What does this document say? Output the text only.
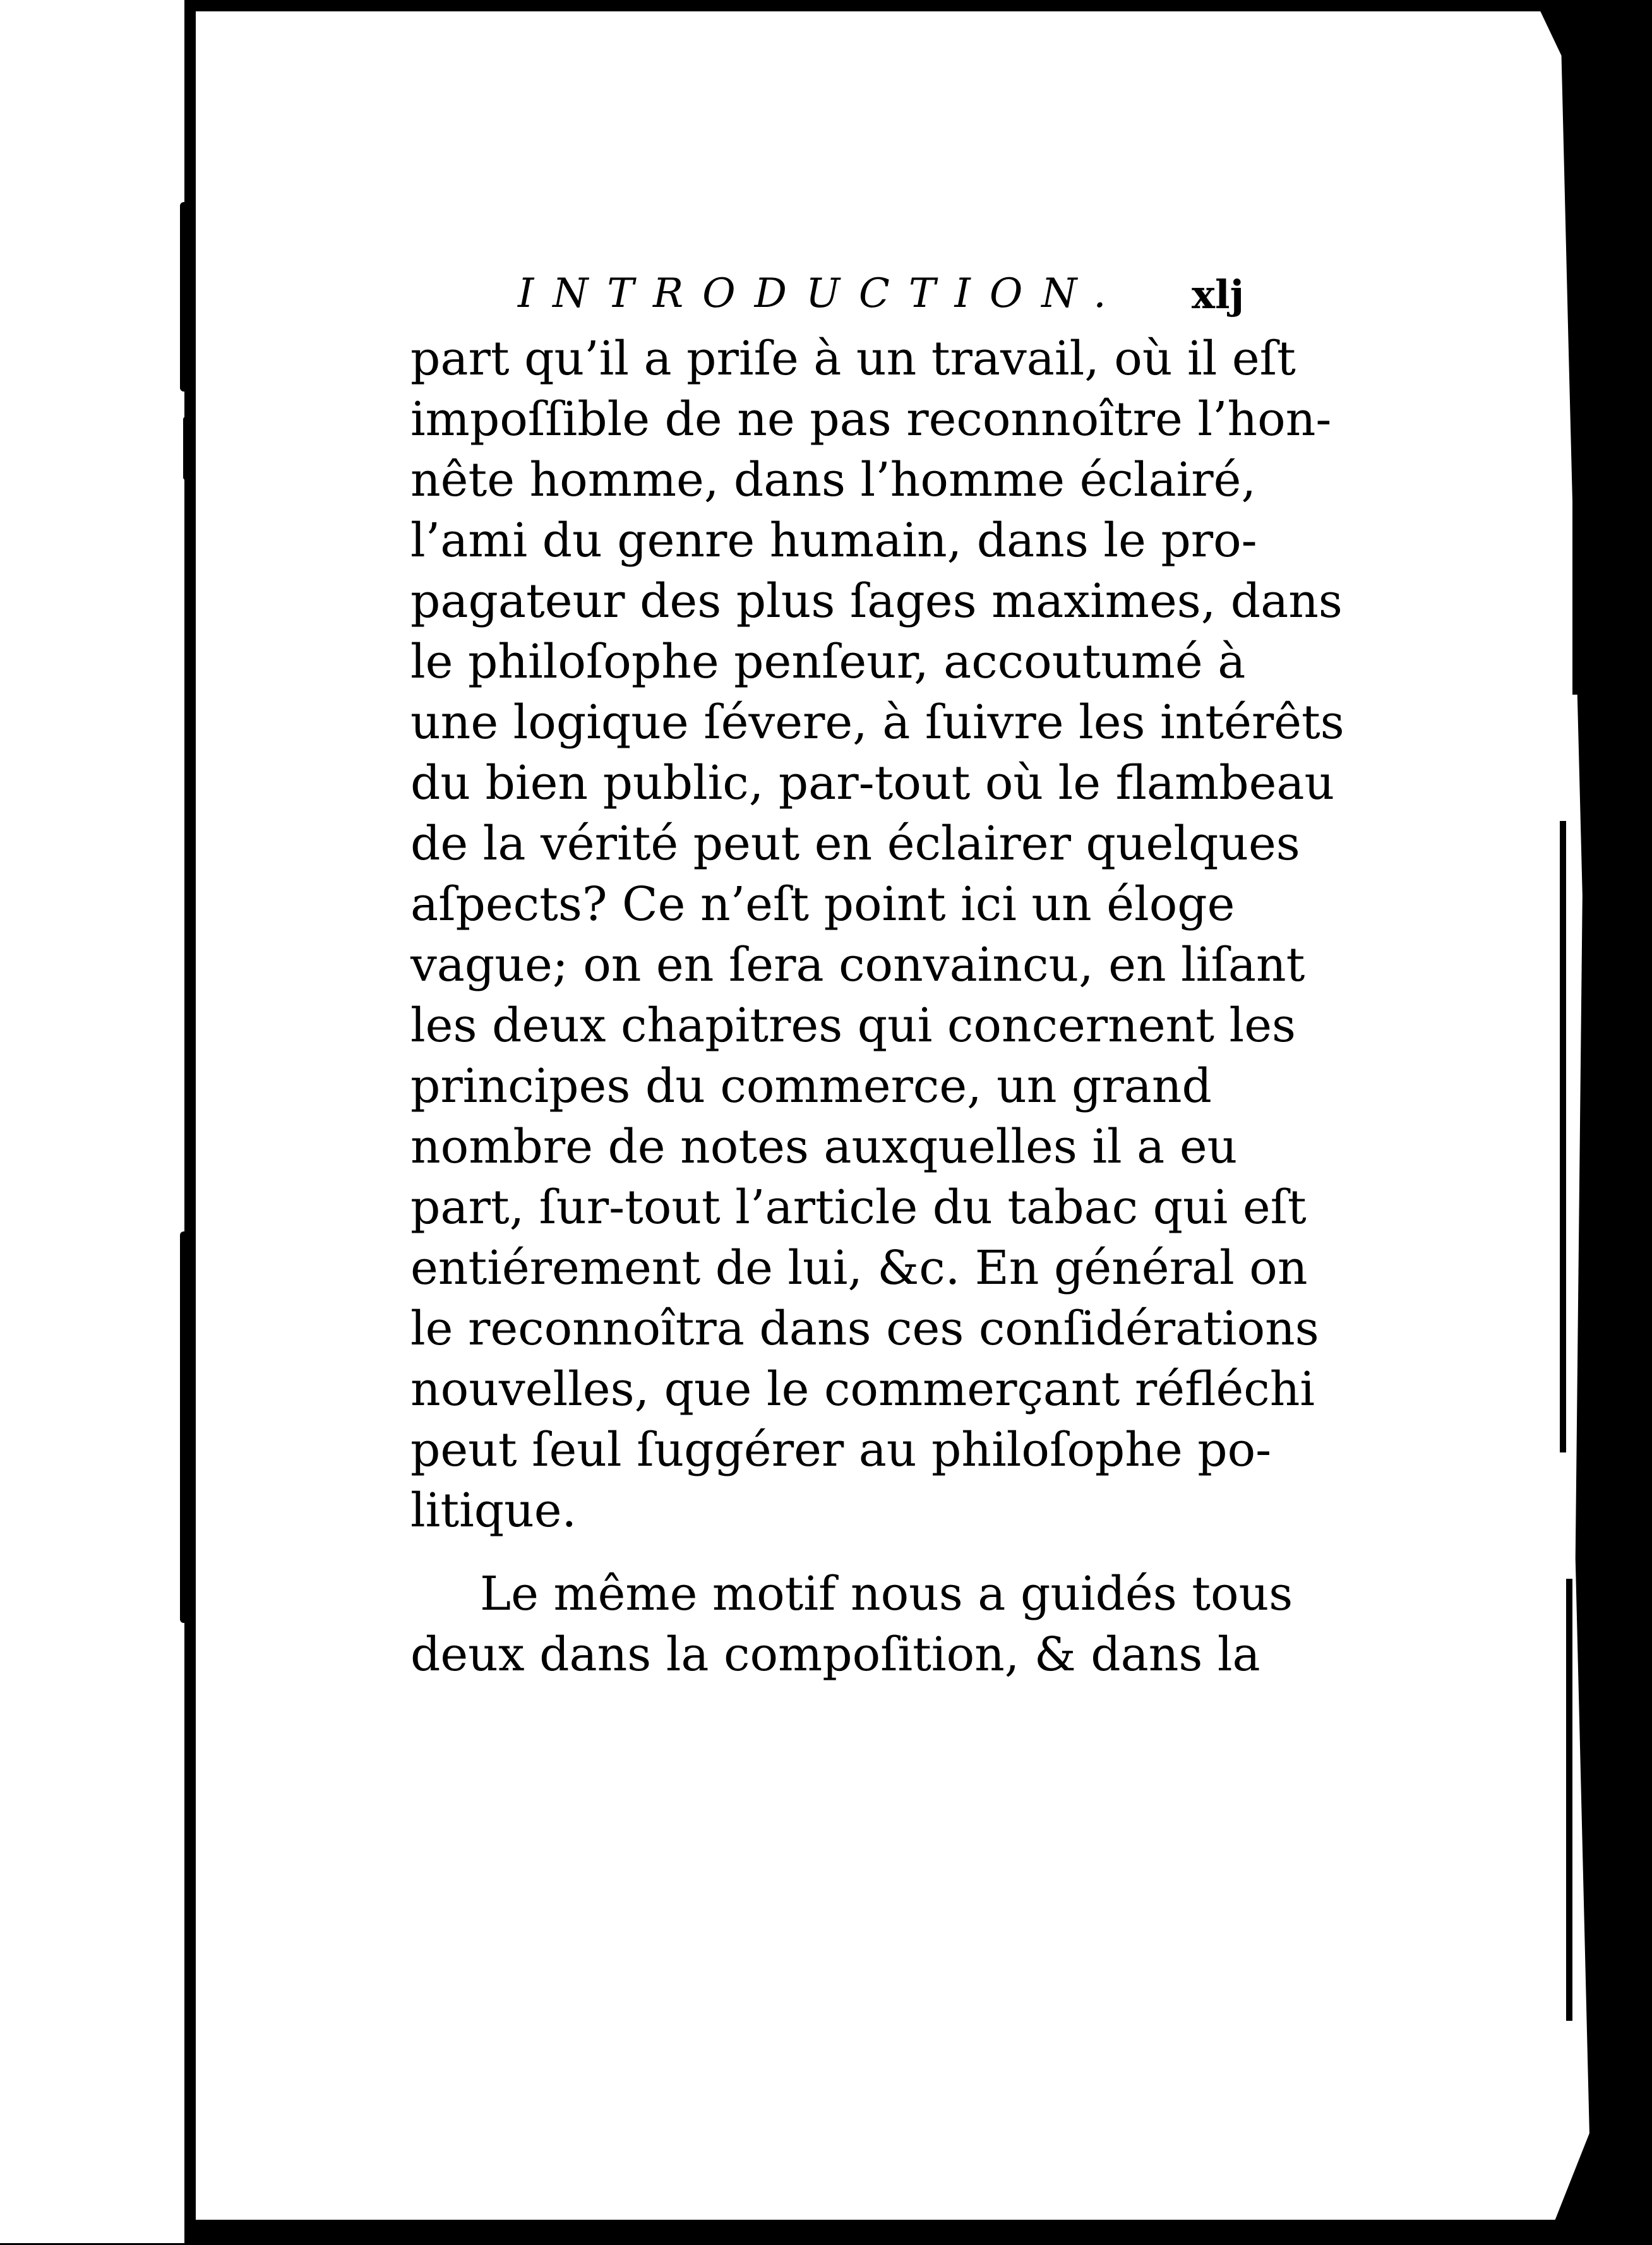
INTRODUCTION. xlj
part qu’il a priſe à un travail, où il eſt
impoſſible de ne pas reconnoître l’hon-
nête homme, dans l’homme éclairé,
l’ami du genre humain, dans le pro-
pagateur des plus ſages maximes, dans
le philoſophe penſeur, accoutumé à
une logique ſévere, à ſuivre les intérêts
du bien public, par-tout où le flambeau
de la vérité peut en éclairer quelques
aſpects? Ce n’eſt point ici un éloge
vague; on en ſera convaincu, en liſant
les deux chapitres qui concernent les
principes du commerce, un grand
nombre de notes auxquelles il a eu
part, ſur-tout l’article du tabac qui eſt
entiérement de lui, &c. En général on
le reconnoîtra dans ces conſidérations
nouvelles, que le commerçant réfléchi
peut ſeul ſuggérer au philoſophe po-
litique.
Le même motif nous a guidés tous
deux dans la compoſition, & dans la
